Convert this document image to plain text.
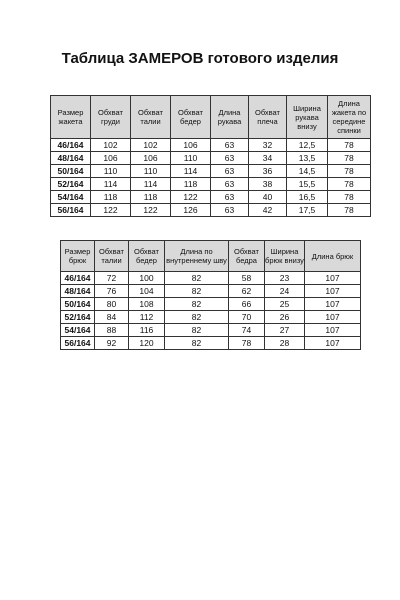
Таблица ЗАМЕРОВ готового изделия
Размер жакета	Обхват груди	Обхват талии	Обхват бедер	Длина рукава	Обхват плеча	Ширина рукава внизу	Длина жакета по середине спинки
46/164	102	102	106	63	32	12,5	78
48/164	106	106	110	63	34	13,5	78
50/164	110	110	114	63	36	14,5	78
52/164	114	114	118	63	38	15,5	78
54/164	118	118	122	63	40	16,5	78
56/164	122	122	126	63	42	17,5	78
Размер брюк	Обхват талии	Обхват бедер	Длина по внутреннему шву	Обхват бедра	Ширина брюк внизу	Длина брюк
46/164	72	100	82	58	23	107
48/164	76	104	82	62	24	107
50/164	80	108	82	66	25	107
52/164	84	112	82	70	26	107
54/164	88	116	82	74	27	107
56/164	92	120	82	78	28	107
